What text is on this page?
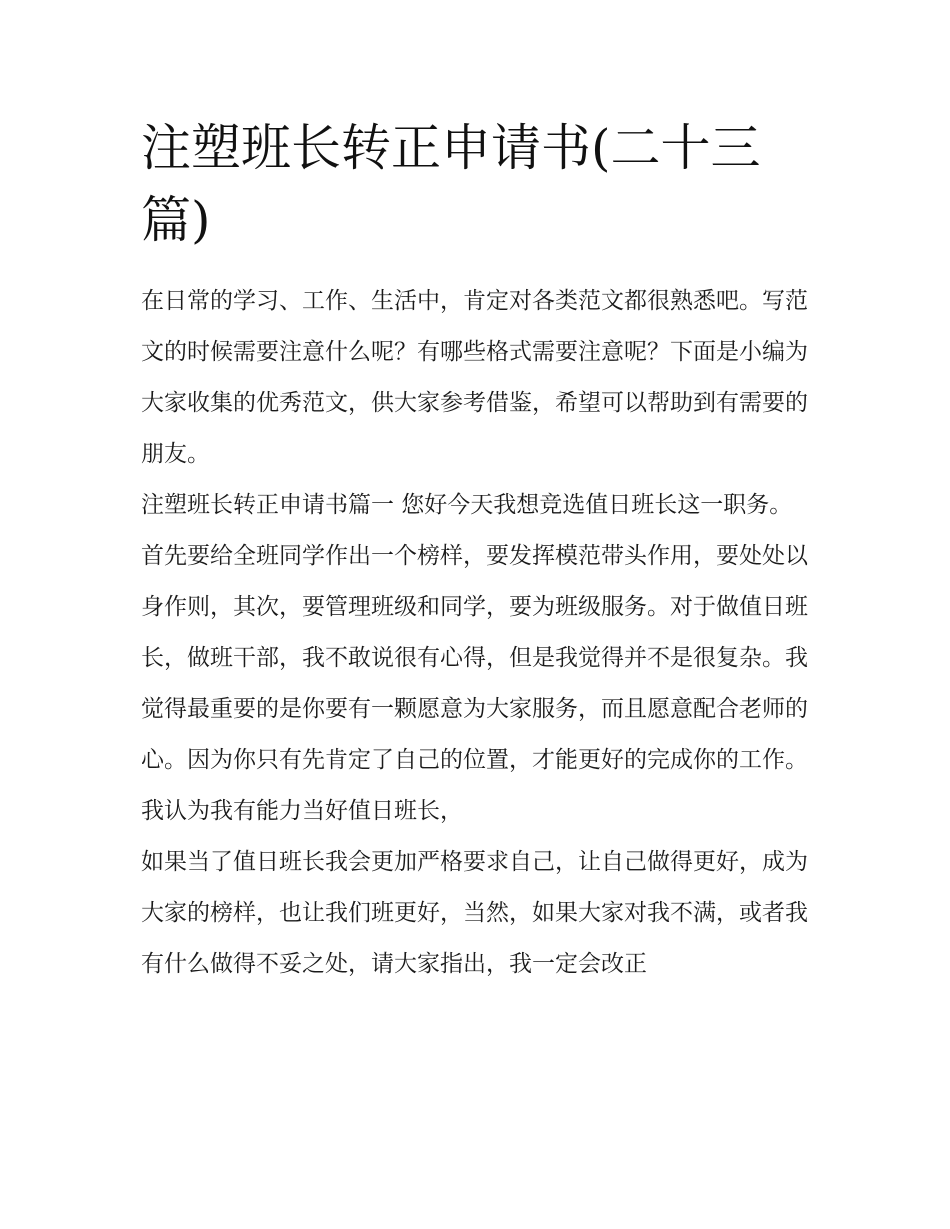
注塑班长转正申请书(二十三篇)

在日常的学习、工作、生活中，肯定对各类范文都很熟悉吧。写范文的时候需要注意什么呢？有哪些格式需要注意呢？下面是小编为大家收集的优秀范文，供大家参考借鉴，希望可以帮助到有需要的朋友。

注塑班长转正申请书篇一 您好今天我想竞选值日班长这一职务。

首先要给全班同学作出一个榜样，要发挥模范带头作用，要处处以身作则，其次，要管理班级和同学，要为班级服务。对于做值日班长，做班干部，我不敢说很有心得，但是我觉得并不是很复杂。我觉得最重要的是你要有一颗愿意为大家服务，而且愿意配合老师的心。因为你只有先肯定了自己的位置，才能更好的完成你的工作。

我认为我有能力当好值日班长，

如果当了值日班长我会更加严格要求自己，让自己做得更好，成为大家的榜样，也让我们班更好，当然，如果大家对我不满，或者我有什么做得不妥之处，请大家指出，我一定会改正
